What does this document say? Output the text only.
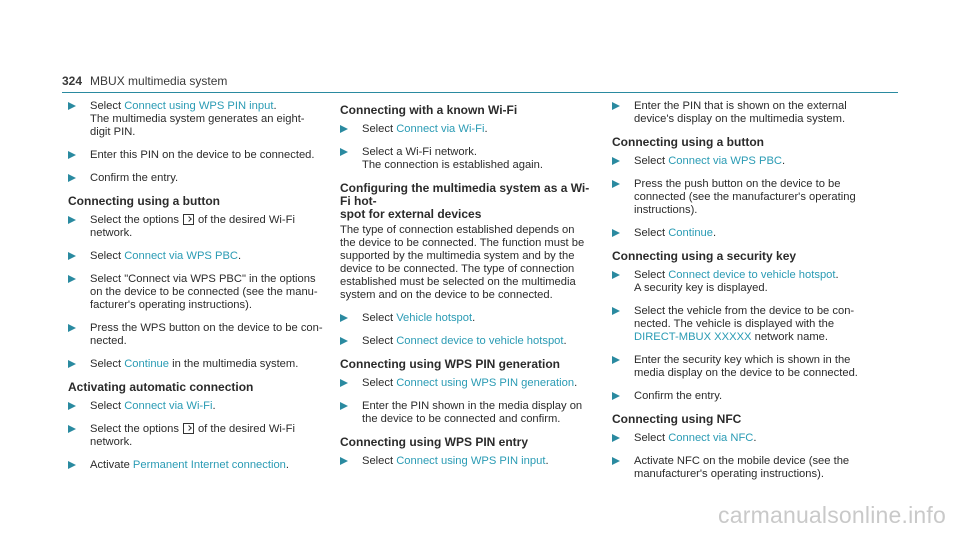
324 MBUX multimedia system

Select Connect using WPS PIN input.

The multimedia system generates an eight-

digit PIN.

Enter this PIN on the device to be connected.

Confirm the entry.

Connecting using a button

Select the options of the desired Wi-Fi

network.

Select Connect via WPS PBC.

Select "Connect via WPS PBC" in the options

on the device to be connected (see the manu-

facturer's operating instructions).

Press the WPS button on the device to be con-

nected.

Select Continue in the multimedia system.

Activating automatic connection

Select Connect via Wi-Fi.

Select the options of the desired Wi-Fi

network.

Activate Permanent Internet connection.

Connecting with a known Wi-Fi

Select Connect via Wi-Fi.

Select a Wi-Fi network.

The connection is established again.

Configuring the multimedia system as a Wi-Fi hot-
spot for external devices
The type of connection established depends on
the device to be connected. The function must be
supported by the multimedia system and by the
device to be connected. The type of connection
established must be selected on the multimedia
system and on the device to be connected.

Select Vehicle hotspot.

Select Connect device to vehicle hotspot.

Connecting using WPS PIN generation

Select Connect using WPS PIN generation.

Enter the PIN shown in the media display on

the device to be connected and confirm.

Connecting using WPS PIN entry

Select Connect using WPS PIN input.

Enter the PIN that is shown on the external

device's display on the multimedia system.

Connecting using a button

Select Connect via WPS PBC.

Press the push button on the device to be

connected (see the manufacturer's operating

instructions).

Select Continue.

Connecting using a security key

Select Connect device to vehicle hotspot.

A security key is displayed.

Select the vehicle from the device to be con-

nected. The vehicle is displayed with the

DIRECT-MBUX XXXXX network name.

Enter the security key which is shown in the

media display on the device to be connected.

Confirm the entry.

Connecting using NFC

Select Connect via NFC.

Activate NFC on the mobile device (see the

manufacturer's operating instructions).

carmanualsonline.info
